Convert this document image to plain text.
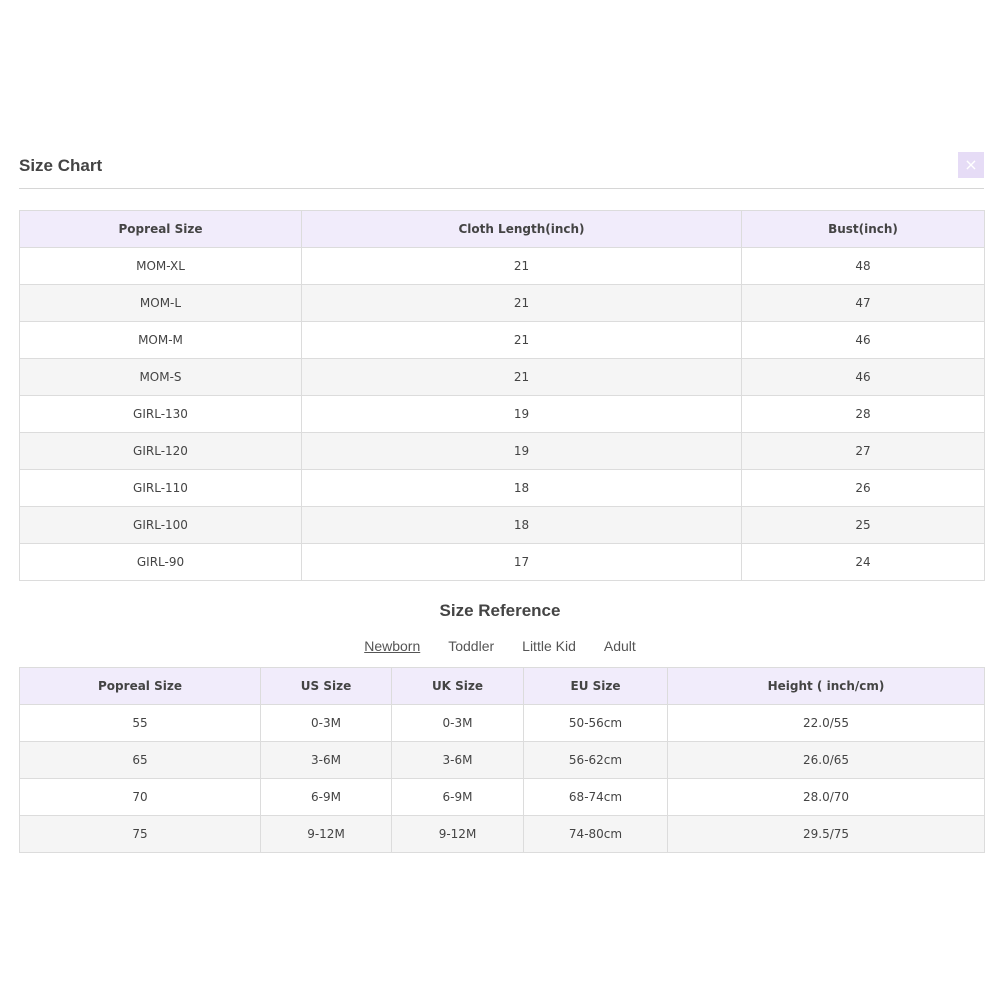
Size Chart	×
Popreal Size	Cloth Length(inch)	Bust(inch)
MOM-XL	21	48
MOM-L	21	47
MOM-M	21	46
MOM-S	21	46
GIRL-130	19	28
GIRL-120	19	27
GIRL-110	18	26
GIRL-100	18	25
GIRL-90	17	24
Size Reference
Newborn Toddler Little Kid Adult
Popreal Size	US Size	UK Size	EU Size	Height ( inch/cm)
55	0-3M	0-3M	50-56cm	22.0/55
65	3-6M	3-6M	56-62cm	26.0/65
70	6-9M	6-9M	68-74cm	28.0/70
75	9-12M	9-12M	74-80cm	29.5/75
